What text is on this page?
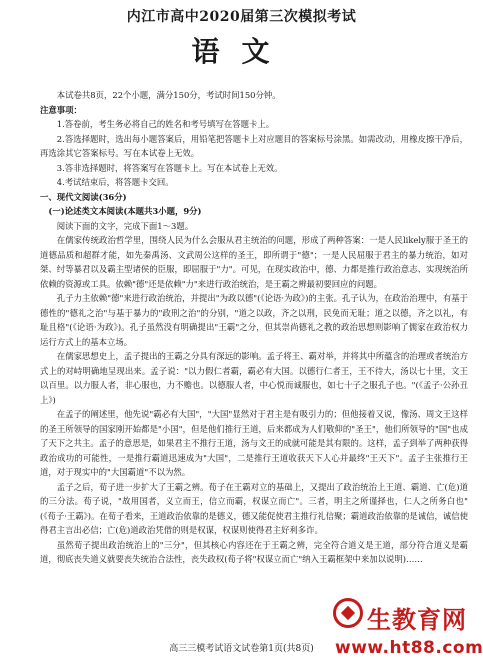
内江市高中2020届第三次模拟考试
语文

本试卷共8页，22个小题，满分150分，考试时间150分钟。

注意事项：

1.答卷前，考生务必将自己的姓名和考号填写在答题卡上。

2.答选择题时，选出每小题答案后，用铅笔把答题卡上对应题目的答案标号涂黑。如需改动，用橡皮擦干净后，再选涂其它答案标号。写在本试卷上无效。

3.答非选择题时，将答案写在答题卡上。写在本试卷上无效。

4.考试结束后，将答题卡交回。

一、现代文阅读(36分)

(一)论述类文本阅读(本题共3小题，9分)

阅读下面的文字，完成下面1～3题。

在儒家传统政治哲学里，围绕人民为什么会服从君主统治的问题，形成了两种答案：一是人民likely服于圣王的道德品质和超群才能，如先秦禹汤、文武周公这样的圣王，即所谓于"德"；一是人民屈服于君主的暴力统治，如对桀、纣等暴君以及霸主型诸侯的臣服，即屈服于"力"。可见，在现实政治中，德、力都是推行政治意志、实现统治所依赖的资源或工具。依赖"德"还是依赖"力"来进行政治统治，是王霸之辨最初要回应的问题。

孔子力主依赖"德"来进行政治统治，并提出"为政以德"(《论语·为政》)的主张。孔子认为，在政治治理中，有基于德性的"德礼之治"与基于暴力的"政刑之治"的分别，"道之以政，齐之以刑，民免而无耻；道之以德，齐之以礼，有耻且格"(《论语·为政》)。孔子虽然没有明确提出"王霸"之分，但其崇尚德礼之教的政治思想则影响了儒家在政治权力运行方式上的基本立场。

在儒家思想史上，孟子提出的王霸之分具有深远的影响。孟子将王、霸对举，并将其中所蕴含的治理或者统治方式上的对峙明确地呈现出来。孟子说："以力假仁者霸，霸必有大国。以德行仁者王，王不待大，汤以七十里，文王以百里。以力服人者，非心服也，力不赡也。以德服人者，中心悦而诚服也，如七十子之服孔子也。"(《孟子·公孙丑上》)

在孟子的阐述里，他先说"霸必有大国"，"大国"显然对于君主是有吸引力的；但他接着又说，像汤、周文王这样的圣王所领导的国家刚开始都是"小国"，但是他们推行王道，后来都成为人们敬仰的"圣王"，他们所领导的"国"也成了天下之共主。孟子的意思是，如果君主不推行王道，汤与文王的成就可能是其有限的。这样，孟子到举了两种获得政治成功的可能性，一是推行霸道迅速成为"大国"，二是推行王道收获天下人心并最终"王天下"。孟子主张推行王道，对于现实中的"大国霸道"不以为然。

孟子之后，荀子进一步扩大了王霸之辨。荀子在王霸对立的基础上，又提出了政治统治上王道、霸道、亡(危)道的三分法。荀子说，"故用国者，义立而王，信立而霸，权谋立而亡"。三者，明主之所谨择也，仁人之所务白也"(《荀子·王霸》)。在荀子看来，王道政治依靠的是德义，德又能促使君主推行礼信聚；霸道政治依靠的是诚信，诚信使得君主言出必信；亡(危)道政治凭借的则是权谋，权谋则使得君主好利多诈。

虽然荀子提出政治统治上的"三分"，但其核心内容还在于王霸之辨，完全符合道义是王道，部分符合道义是霸道，彻底丧失道义就要丧失统治合法性，丧失政权(荀子将"权谋立而亡"纳入王霸框架中来加以说明)……

高三三模考试语文试卷第1页(共8页)
生教育网
www.ht88.com
